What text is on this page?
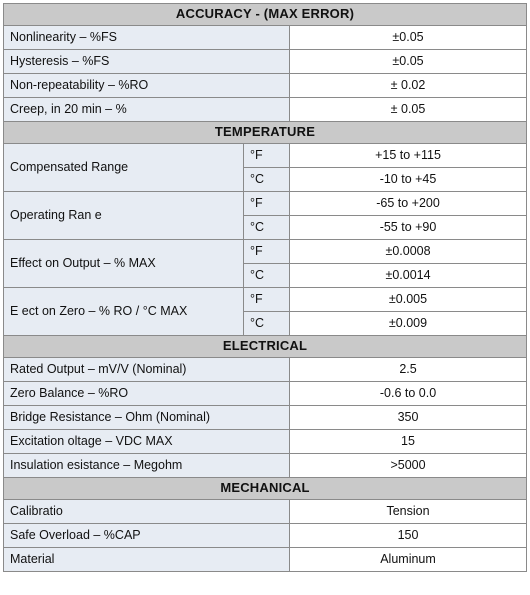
ACCURACY - (MAX ERROR)		
Nonlinearity – %FS		±0.05
Hysteresis – %FS		±0.05
Non-repeatability – %RO		± 0.02
Creep, in 20 min – %		± 0.05
TEMPERATURE		
Compensated Range	°F	+15 to +115
	°C	-10 to +45
Operating Ran e	°F	-65 to +200
	°C	-55 to +90
Effect on Output – % MAX	°F	±0.0008
	°C	±0.0014
E ect on Zero – % RO / °C MAX	°F	±0.005
	°C	±0.009
ELECTRICAL		
Rated Output – mV/V (Nominal)		2.5
Zero Balance – %RO		-0.6 to 0.0
Bridge Resistance – Ohm (Nominal)		350
Excitation oltage – VDC MAX		15
Insulation esistance – Megohm		>5000
MECHANICAL		
Calibratio		Tension
Safe Overload – %CAP		150
Material		Aluminum
